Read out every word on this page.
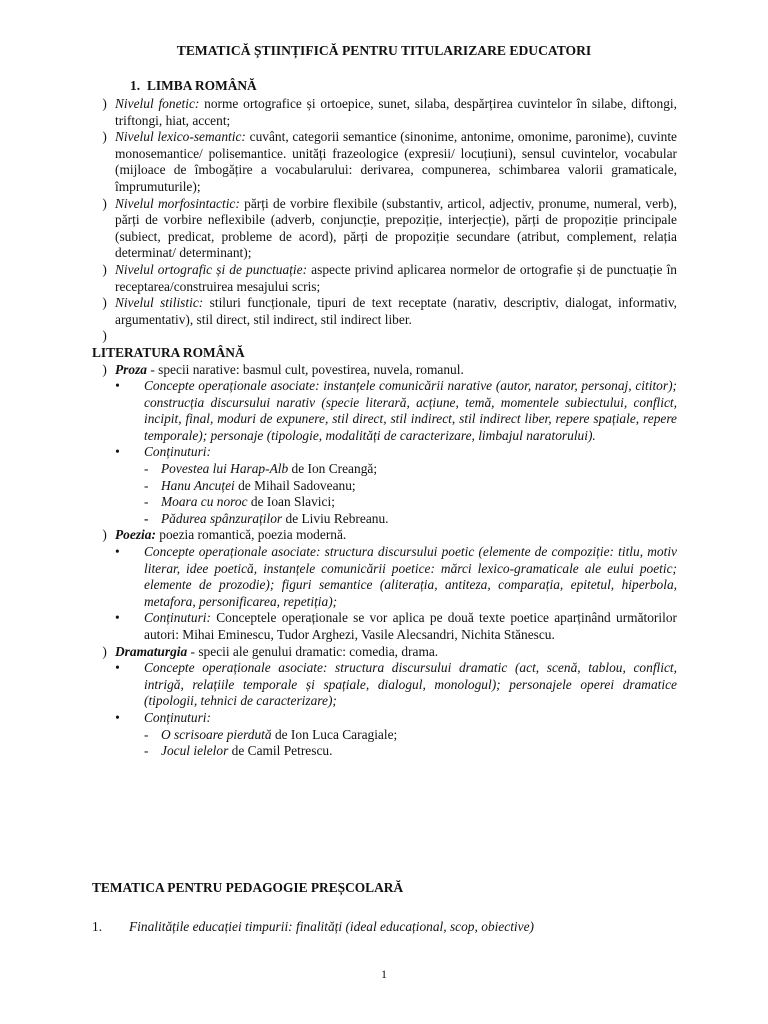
TEMATICĂ ȘTIINȚIFICĂ PENTRU TITULARIZARE EDUCATORI
1. LIMBA ROMÂNĂ
) Nivelul fonetic: norme ortografice și ortoepice, sunet, silaba, despărțirea cuvintelor în silabe, diftongi, triftongi, hiat, accent;
) Nivelul lexico-semantic: cuvânt, categorii semantice (sinonime, antonime, omonime, paronime), cuvinte monosemantice/ polisemantice. unități frazeologice (expresii/ locuțiuni), sensul cuvintelor, vocabular (mijloace de îmbogățire a vocabularului: derivarea, compunerea, schimbarea valorii gramaticale, împrumuturile);
) Nivelul morfosintactic: părți de vorbire flexibile (substantiv, articol, adjectiv, pronume, numeral, verb), părți de vorbire neflexibile (adverb, conjuncție, prepoziție, interjecție), părți de propoziție principale (subiect, predicat, probleme de acord), părți de propoziție secundare (atribut, complement, relația determinat/ determinant);
) Nivelul ortografic și de punctuație: aspecte privind aplicarea normelor de ortografie și de punctuație în receptarea/construirea mesajului scris;
) Nivelul stilistic: stiluri funcționale, tipuri de text receptate (narativ, descriptiv, dialogat, informativ, argumentativ), stil direct, stil indirect, stil indirect liber.
)

LITERATURA ROMÂNĂ
) Proza - specii narative: basmul cult, povestirea, nuvela, romanul.
• Concepte operaționale asociate: instanțele comunicării narative (autor, narator, personaj, cititor); construcția discursului narativ (specie literară, acțiune, temă, momentele subiectului, conflict, incipit, final, moduri de expunere, stil direct, stil indirect, stil indirect liber, repere spațiale, repere temporale); personaje (tipologie, modalități de caracterizare, limbajul naratorului).
• Conținuturi:
- Povestea lui Harap-Alb de Ion Creangă;
- Hanu Ancuței de Mihail Sadoveanu;
- Moara cu noroc de Ioan Slavici;
- Pădurea spânzuraților de Liviu Rebreanu.
) Poezia: poezia romantică, poezia modernă.
• Concepte operaționale asociate: structura discursului poetic (elemente de compoziție: titlu, motiv literar, idee poetică, instanțele comunicării poetice: mărci lexico-gramaticale ale eului poetic; elemente de prozodie); figuri semantice (aliterația, antiteza, comparația, epitetul, hiperbola, metafora, personificarea, repetiția);
• Conținuturi: Conceptele operaționale se vor aplica pe două texte poetice aparținând următorilor autori: Mihai Eminescu, Tudor Arghezi, Vasile Alecsandri, Nichita Stănescu.
) Dramaturgia - specii ale genului dramatic: comedia, drama.
• Concepte operaționale asociate: structura discursului dramatic (act, scenă, tablou, conflict, intrigă, relațiile temporale și spațiale, dialogul, monologul); personajele operei dramatice (tipologii, tehnici de caracterizare);
• Conținuturi:
- O scrisoare pierdută de Ion Luca Caragiale;
- Jocul ielelor de Camil Petrescu.
TEMATICA PENTRU PEDAGOGIE PREȘCOLARĂ
1. Finalitățile educației timpurii: finalități (ideal educațional, scop, obiective)
1
